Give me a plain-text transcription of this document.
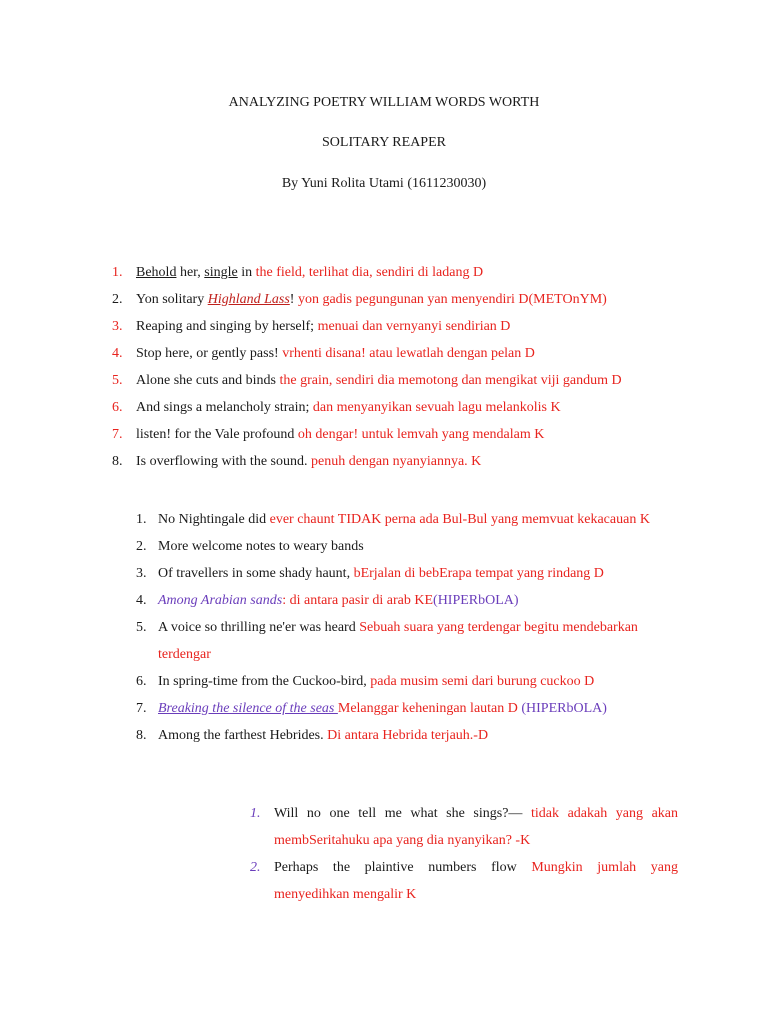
ANALYZING POETRY WILLIAM WORDS WORTH
SOLITARY REAPER
By Yuni Rolita Utami (1611230030)
1. Behold her, single in the field, terlihat dia, sendiri di ladang D
2. Yon solitary Highland Lass! yon gadis pegungunan yan menyendiri D(METOnYM)
3. Reaping and singing by herself; menuai dan vernyanyi sendirian D
4. Stop here, or gently pass! vrhenti disana! atau lewatlah dengan pelan D
5. Alone she cuts and binds the grain, sendiri dia memotong dan mengikat viji gandum D
6. And sings a melancholy strain; dan menyanyikan sevuah lagu melankolis K
7. listen! for the Vale profound oh dengar! untuk lemvah yang mendalam K
8. Is overflowing with the sound. penuh dengan nyanyiannya. K
1. No Nightingale did ever chaunt TIDAK perna ada Bul-Bul yang memvuat kekacauan K
2. More welcome notes to weary bands
3. Of travellers in some shady haunt, bErjalan di bebErapa tempat yang rindang D
4. Among Arabian sands: di antara pasir di arab KE(HIPERbOLA)
5. A voice so thrilling ne'er was heard Sebuah suara yang terdengar begitu mendebarkan terdengar
6. In spring-time from the Cuckoo-bird, pada musim semi dari burung cuckoo D
7. Breaking the silence of the seas Melanggar keheningan lautan D (HIPERbOLA)
8. Among the farthest Hebrides. Di antara Hebrida terjauh.-D
1. Will no one tell me what she sings?— tidak adakah yang akan membSeritahuku apa yang dia nyanyikan? -K
2. Perhaps the plaintive numbers flow Mungkin jumlah yang menyedihkan mengalir K
